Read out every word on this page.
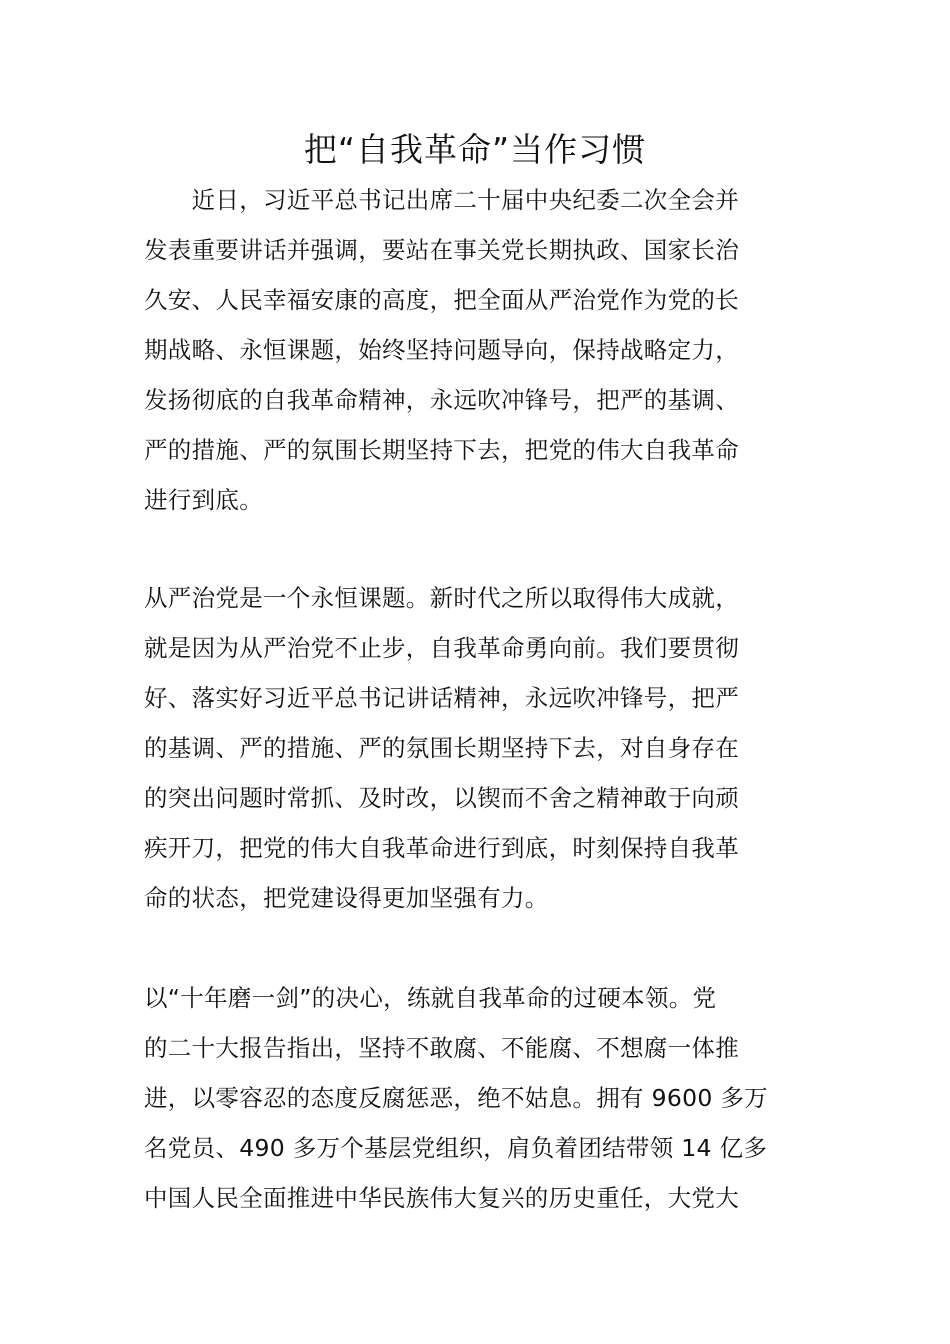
把“自我革命”当作习惯
　　近日，习近平总书记出席二十届中央纪委二次全会并
发表重要讲话并强调，要站在事关党长期执政、国家长治
久安、人民幸福安康的高度，把全面从严治党作为党的长
期战略、永恒课题，始终坚持问题导向，保持战略定力，
发扬彻底的自我革命精神，永远吹冲锋号，把严的基调、
严的措施、严的氛围长期坚持下去，把党的伟大自我革命
进行到底。
从严治党是一个永恒课题。新时代之所以取得伟大成就，
就是因为从严治党不止步，自我革命勇向前。我们要贯彻
好、落实好习近平总书记讲话精神，永远吹冲锋号，把严
的基调、严的措施、严的氛围长期坚持下去，对自身存在
的突出问题时常抓、及时改，以锲而不舍之精神敢于向顽
疾开刀，把党的伟大自我革命进行到底，时刻保持自我革
命的状态，把党建设得更加坚强有力。
以“十年磨一剑”的决心，练就自我革命的过硬本领。党
的二十大报告指出，坚持不敢腐、不能腐、不想腐一体推
进，以零容忍的态度反腐惩恶，绝不姑息。拥有 9600 多万
名党员、490 多万个基层党组织，肩负着团结带领 14 亿多
中国人民全面推进中华民族伟大复兴的历史重任，大党大
